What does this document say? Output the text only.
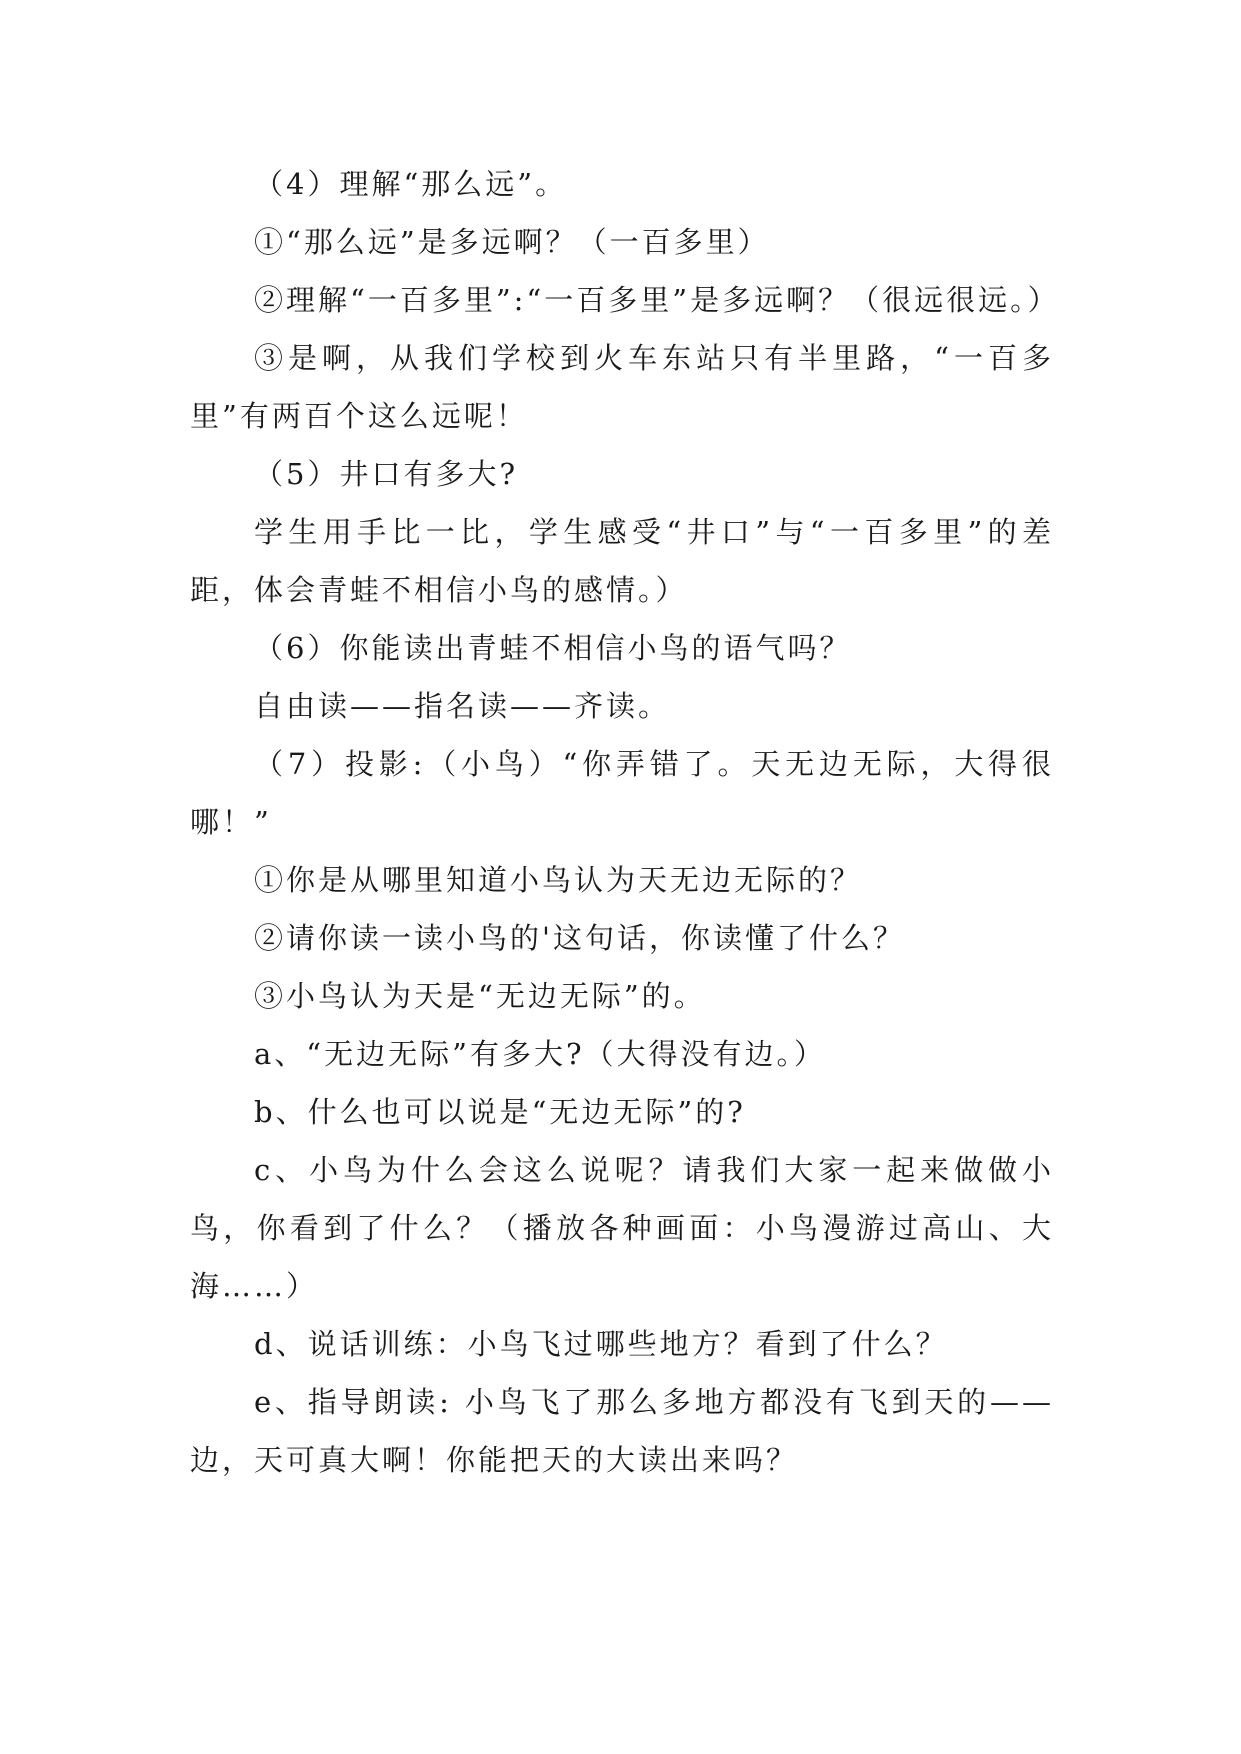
（4）理解“那么远”。

①“那么远”是多远啊？（一百多里）

②理解“一百多里”:“一百多里”是多远啊？（很远很远。）

③是啊，从我们学校到火车东站只有半里路，“一百多里”有两百个这么远呢！

（5）井口有多大?

学生用手比一比，学生感受“井口”与“一百多里”的差距，体会青蛙不相信小鸟的感情。）

（6）你能读出青蛙不相信小鸟的语气吗？

自由读——指名读——齐读。

（7）投影:（小鸟）“你弄错了。天无边无际，大得很哪！”

①你是从哪里知道小鸟认为天无边无际的？

②请你读一读小鸟的'这句话，你读懂了什么？

③小鸟认为天是“无边无际”的。

a、“无边无际”有多大?（大得没有边。）

b、什么也可以说是“无边无际”的?

c、小鸟为什么会这么说呢？请我们大家一起来做做小鸟，你看到了什么？（播放各种画面：小鸟漫游过高山、大海……）

d、说话训练：小鸟飞过哪些地方？看到了什么？

e、指导朗读: 小鸟飞了那么多地方都没有飞到天的——边，天可真大啊！你能把天的大读出来吗？
